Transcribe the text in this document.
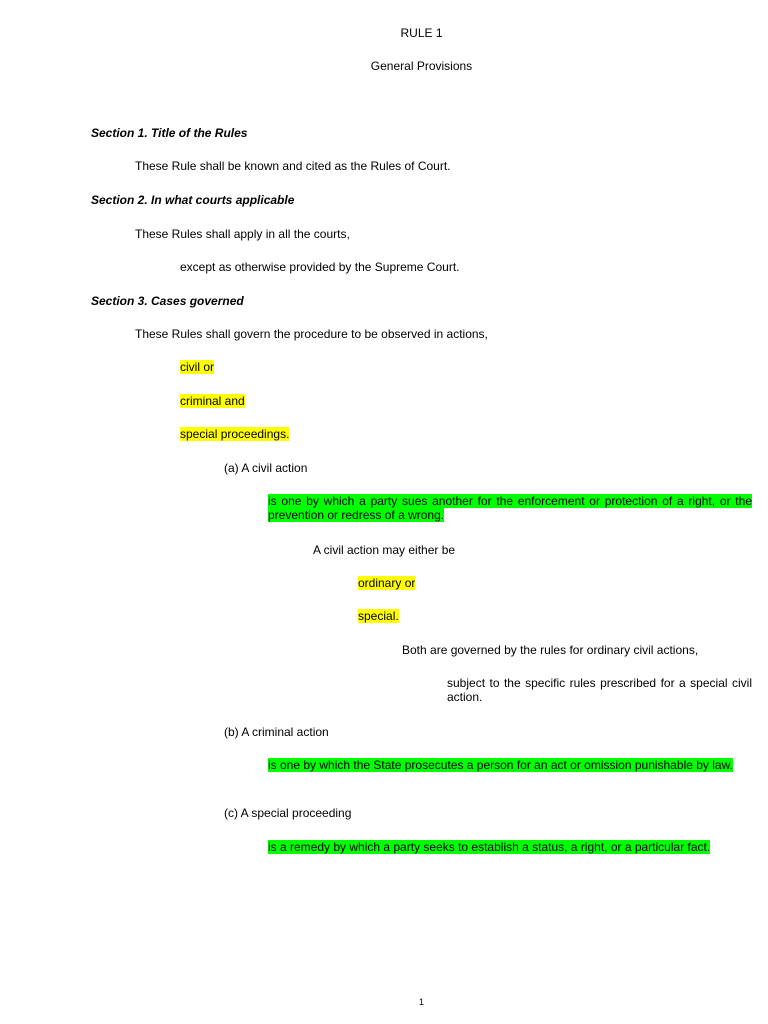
RULE 1
General Provisions
Section 1. Title of the Rules
These Rule shall be known and cited as the Rules of Court.
Section 2. In what courts applicable
These Rules shall apply in all the courts,
except as otherwise provided by the Supreme Court.
Section 3. Cases governed
These Rules shall govern the procedure to be observed in actions,
civil or
criminal and
special proceedings.
(a) A civil action
is one by which a party sues another for the enforcement or protection of a right, or the prevention or redress of a wrong.
A civil action may either be
ordinary or
special.
Both are governed by the rules for ordinary civil actions,
subject to the specific rules prescribed for a special civil action.
(b) A criminal action
is one by which the State prosecutes a person for an act or omission punishable by law.
(c) A special proceeding
is a remedy by which a party seeks to establish a status, a right, or a particular fact.
1
